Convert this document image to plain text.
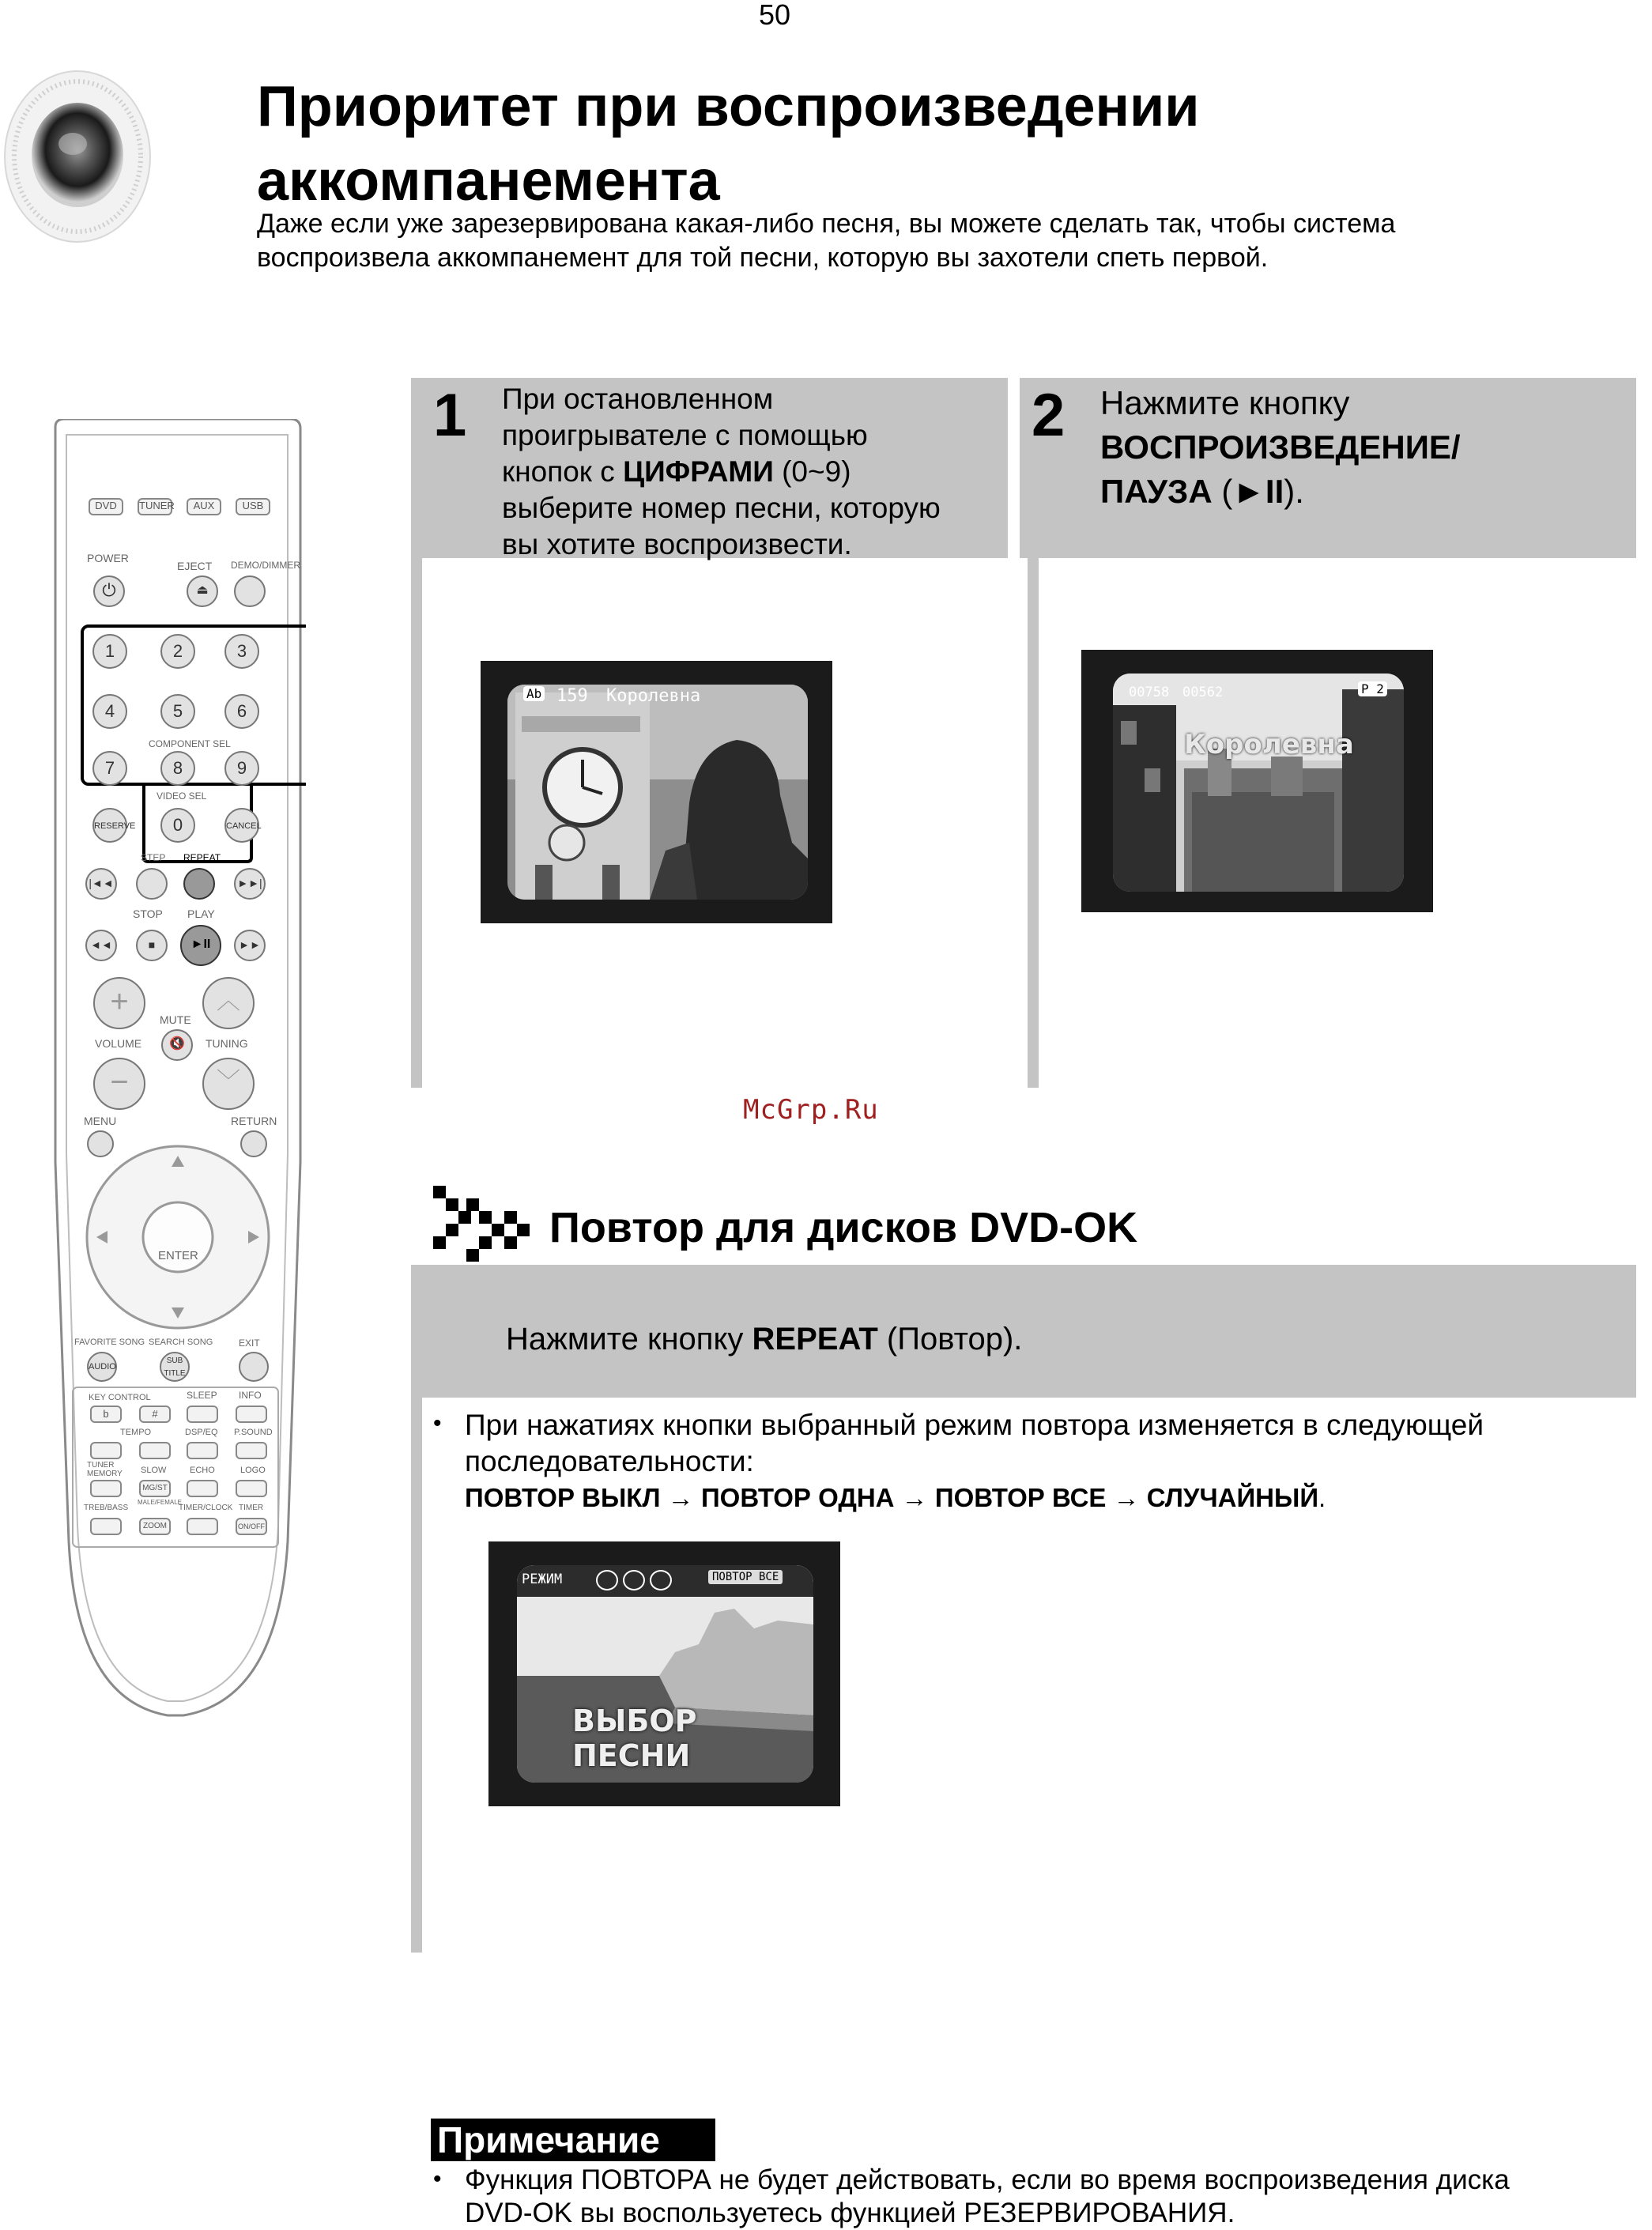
50
Приоритет при воспроизведении
аккомпанемента
Даже если уже зарезервирована какая-либо песня, вы можете сделать так, чтобы система
воспроизвела аккомпанемент для той песни, которую вы захотели спеть первой.
1 При остановленном
проигрывателе с помощью
кнопок с ЦИФРАМИ (0~9)
выберите номер песни, которую
вы хотите воспроизвести.
Ab 159 Королевна
2 Нажмите кнопку
ВОСПРОИЗВЕДЕНИЕ/
ПАУЗА (►II).
00758 00562	P 2
Королевна
McGrp.Ru
Повтор для дисков DVD-OK
Нажмите кнопку REPEAT (Повтор).
• При нажатиях кнопки выбранный режим повтора изменяется в следующей
последовательности:
ПОВТОР ВЫКЛ → ПОВТОР ОДНА → ПОВТОР ВСЕ → СЛУЧАЙНЫЙ.
РЕЖИМ	ПОВТОР ВСЕ
ВЫБОР ПЕСНИ
Примечание
• Функция ПОВТОРА не будет действовать, если во время воспроизведения диска
DVD-OK вы воспользуетесь функцией РЕЗЕРВИРОВАНИЯ.
DVD	TUNER	AUX	USB
POWER
EJECT DEMO/DIMMER
⏻	⏏
1	2	3
4	5	6
COMPONENT SEL
7	8	9
VIDEO SEL
RESERVE	0	CANCEL
STEP REPEAT
|◄◄	►►|
STOP PLAY
◄◄	■	►II	►►
+	︿
MUTE
🔇
VOLUME	TUNING
−	﹀
MENU	RETURN
ENTER
FAVORITE SONG SEARCH SONG	EXIT
AUDIO
SUB TITLE
KEY CONTROL	SLEEP INFO
b	#
TEMPO	DSP/EQ P.SOUND
TUNER MEMORY	SLOW	ECHO	LOGO
MG/ST
TREB/BASS
MALE/FEMALE
TIMER/CLOCK TIMER
ZOOM	ON/OFF
